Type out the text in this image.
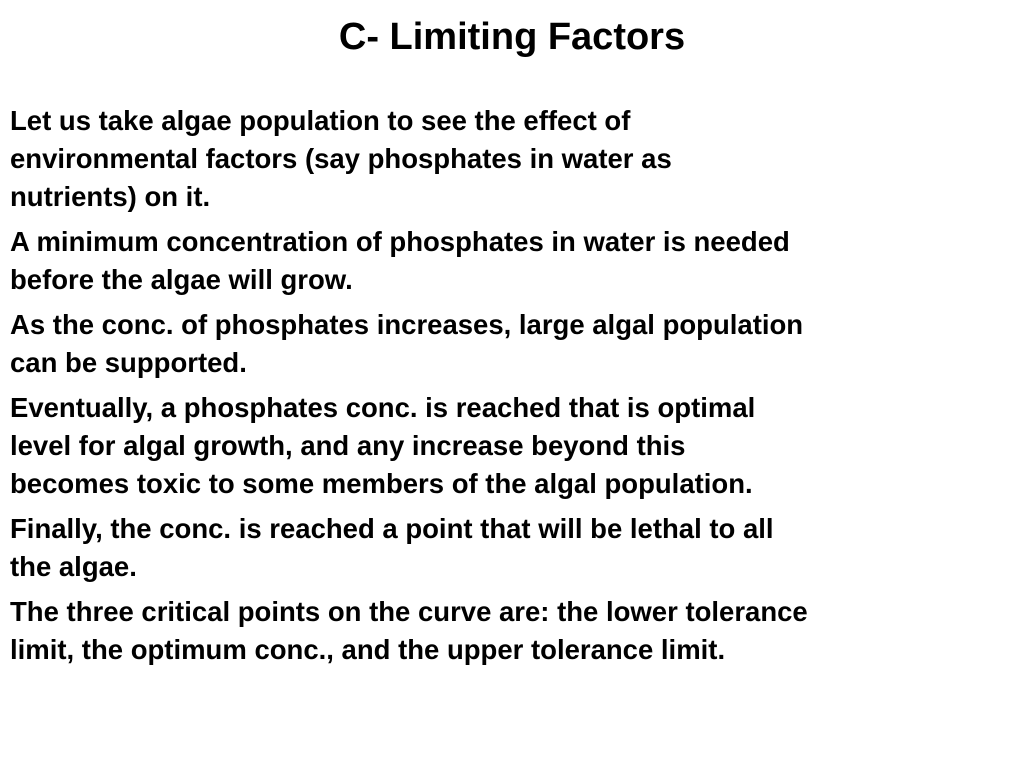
C- Limiting Factors

Let us take algae population to see the effect of
environmental factors (say phosphates in water as
nutrients) on it.

A minimum concentration of phosphates in water is needed
before the algae will grow.

As the conc. of phosphates increases, large algal population
can be supported.

Eventually, a phosphates conc. is reached that is optimal
level for algal growth, and any increase beyond this
becomes toxic to some members of the algal population.

Finally, the conc. is reached a point that will be lethal to all
the algae.

The three critical points on the curve are: the lower tolerance
limit, the optimum conc., and the upper tolerance limit.
